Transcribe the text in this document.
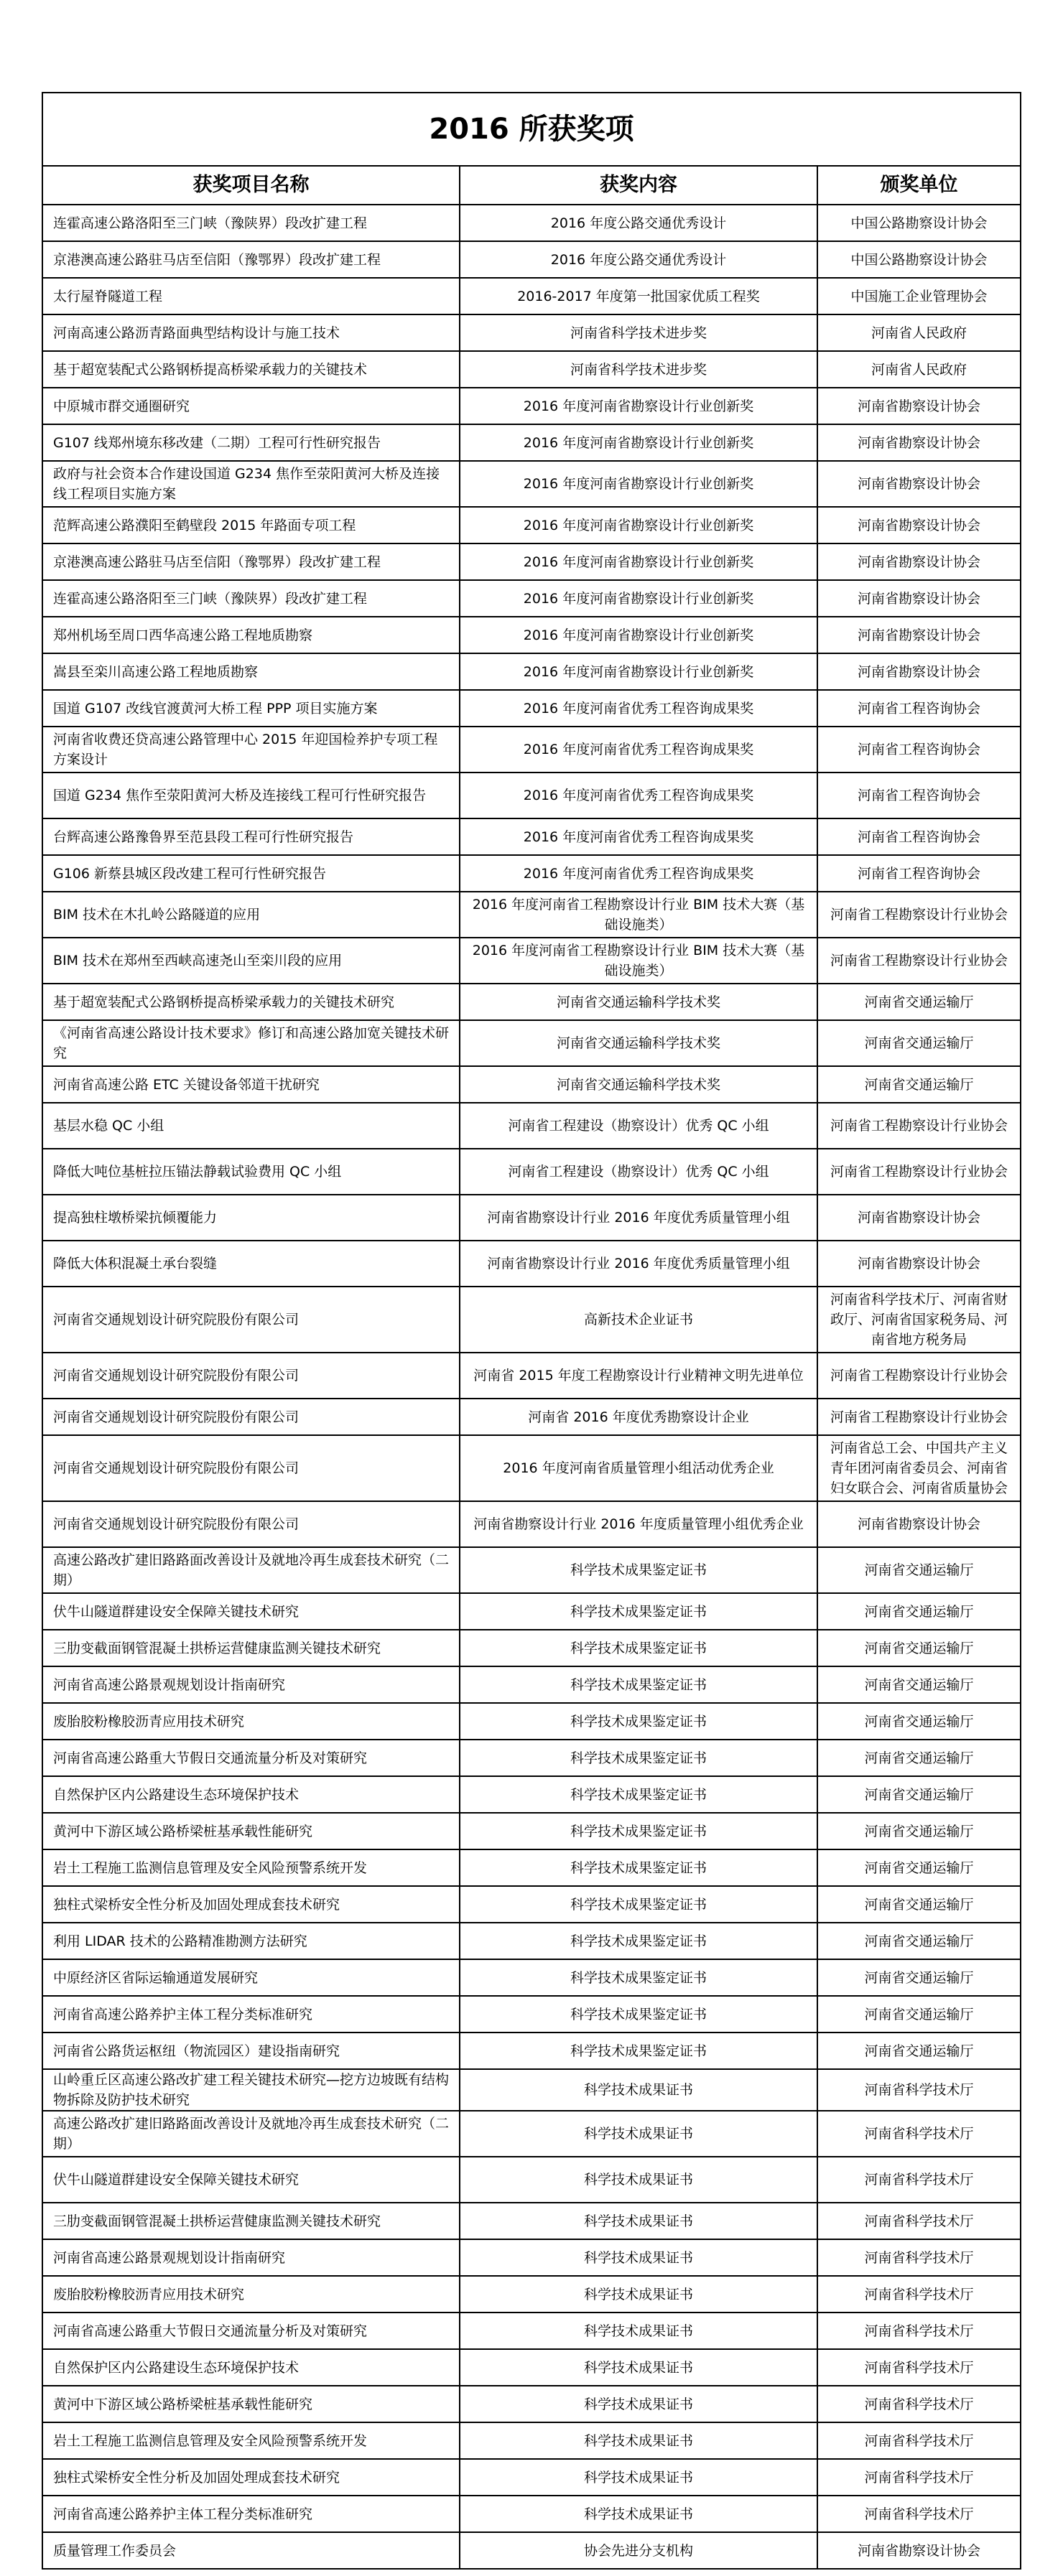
2016 所获奖项		
获奖项目名称	获奖内容	颁奖单位
连霍高速公路洛阳至三门峡（豫陕界）段改扩建工程	2016 年度公路交通优秀设计	中国公路勘察设计协会
京港澳高速公路驻马店至信阳（豫鄂界）段改扩建工程	2016 年度公路交通优秀设计	中国公路勘察设计协会
太行屋脊隧道工程	2016-2017 年度第一批国家优质工程奖	中国施工企业管理协会
河南高速公路沥青路面典型结构设计与施工技术	河南省科学技术进步奖	河南省人民政府
基于超宽装配式公路钢桥提高桥梁承载力的关键技术	河南省科学技术进步奖	河南省人民政府
中原城市群交通圈研究	2016 年度河南省勘察设计行业创新奖	河南省勘察设计协会
G107 线郑州境东移改建（二期）工程可行性研究报告	2016 年度河南省勘察设计行业创新奖	河南省勘察设计协会
政府与社会资本合作建设国道 G234 焦作至荥阳黄河大桥及连接线工程项目实施方案	2016 年度河南省勘察设计行业创新奖	河南省勘察设计协会
范辉高速公路濮阳至鹤壁段 2015 年路面专项工程	2016 年度河南省勘察设计行业创新奖	河南省勘察设计协会
京港澳高速公路驻马店至信阳（豫鄂界）段改扩建工程	2016 年度河南省勘察设计行业创新奖	河南省勘察设计协会
连霍高速公路洛阳至三门峡（豫陕界）段改扩建工程	2016 年度河南省勘察设计行业创新奖	河南省勘察设计协会
郑州机场至周口西华高速公路工程地质勘察	2016 年度河南省勘察设计行业创新奖	河南省勘察设计协会
嵩县至栾川高速公路工程地质勘察	2016 年度河南省勘察设计行业创新奖	河南省勘察设计协会
国道 G107 改线官渡黄河大桥工程 PPP 项目实施方案	2016 年度河南省优秀工程咨询成果奖	河南省工程咨询协会
河南省收费还贷高速公路管理中心 2015 年迎国检养护专项工程方案设计	2016 年度河南省优秀工程咨询成果奖	河南省工程咨询协会
国道 G234 焦作至荥阳黄河大桥及连接线工程可行性研究报告	2016 年度河南省优秀工程咨询成果奖	河南省工程咨询协会
台辉高速公路豫鲁界至范县段工程可行性研究报告	2016 年度河南省优秀工程咨询成果奖	河南省工程咨询协会
G106 新蔡县城区段改建工程可行性研究报告	2016 年度河南省优秀工程咨询成果奖	河南省工程咨询协会
BIM 技术在木扎岭公路隧道的应用	2016 年度河南省工程勘察设计行业 BIM 技术大赛（基础设施类）	河南省工程勘察设计行业协会
BIM 技术在郑州至西峡高速尧山至栾川段的应用	2016 年度河南省工程勘察设计行业 BIM 技术大赛（基础设施类）	河南省工程勘察设计行业协会
基于超宽装配式公路钢桥提高桥梁承载力的关键技术研究	河南省交通运输科学技术奖	河南省交通运输厅
《河南省高速公路设计技术要求》修订和高速公路加宽关键技术研究	河南省交通运输科学技术奖	河南省交通运输厅
河南省高速公路 ETC 关键设备邻道干扰研究	河南省交通运输科学技术奖	河南省交通运输厅
基层水稳 QC 小组	河南省工程建设（勘察设计）优秀 QC 小组	河南省工程勘察设计行业协会
降低大吨位基桩拉压锚法静载试验费用 QC 小组	河南省工程建设（勘察设计）优秀 QC 小组	河南省工程勘察设计行业协会
提高独柱墩桥梁抗倾覆能力	河南省勘察设计行业 2016 年度优秀质量管理小组	河南省勘察设计协会
降低大体积混凝土承台裂缝	河南省勘察设计行业 2016 年度优秀质量管理小组	河南省勘察设计协会
河南省交通规划设计研究院股份有限公司	高新技术企业证书	河南省科学技术厅、河南省财政厅、河南省国家税务局、河南省地方税务局
河南省交通规划设计研究院股份有限公司	河南省 2015 年度工程勘察设计行业精神文明先进单位	河南省工程勘察设计行业协会
河南省交通规划设计研究院股份有限公司	河南省 2016 年度优秀勘察设计企业	河南省工程勘察设计行业协会
河南省交通规划设计研究院股份有限公司	2016 年度河南省质量管理小组活动优秀企业	河南省总工会、中国共产主义青年团河南省委员会、河南省妇女联合会、河南省质量协会
河南省交通规划设计研究院股份有限公司	河南省勘察设计行业 2016 年度质量管理小组优秀企业	河南省勘察设计协会
高速公路改扩建旧路路面改善设计及就地冷再生成套技术研究（二期）	科学技术成果鉴定证书	河南省交通运输厅
伏牛山隧道群建设安全保障关键技术研究	科学技术成果鉴定证书	河南省交通运输厅
三肋变截面钢管混凝土拱桥运营健康监测关键技术研究	科学技术成果鉴定证书	河南省交通运输厅
河南省高速公路景观规划设计指南研究	科学技术成果鉴定证书	河南省交通运输厅
废胎胶粉橡胶沥青应用技术研究	科学技术成果鉴定证书	河南省交通运输厅
河南省高速公路重大节假日交通流量分析及对策研究	科学技术成果鉴定证书	河南省交通运输厅
自然保护区内公路建设生态环境保护技术	科学技术成果鉴定证书	河南省交通运输厅
黄河中下游区域公路桥梁桩基承载性能研究	科学技术成果鉴定证书	河南省交通运输厅
岩土工程施工监测信息管理及安全风险预警系统开发	科学技术成果鉴定证书	河南省交通运输厅
独柱式梁桥安全性分析及加固处理成套技术研究	科学技术成果鉴定证书	河南省交通运输厅
利用 LIDAR 技术的公路精准勘测方法研究	科学技术成果鉴定证书	河南省交通运输厅
中原经济区省际运输通道发展研究	科学技术成果鉴定证书	河南省交通运输厅
河南省高速公路养护主体工程分类标准研究	科学技术成果鉴定证书	河南省交通运输厅
河南省公路货运枢纽（物流园区）建设指南研究	科学技术成果鉴定证书	河南省交通运输厅
山岭重丘区高速公路改扩建工程关键技术研究—挖方边坡既有结构物拆除及防护技术研究	科学技术成果证书	河南省科学技术厅
高速公路改扩建旧路路面改善设计及就地冷再生成套技术研究（二期）	科学技术成果证书	河南省科学技术厅
伏牛山隧道群建设安全保障关键技术研究	科学技术成果证书	河南省科学技术厅
三肋变截面钢管混凝土拱桥运营健康监测关键技术研究	科学技术成果证书	河南省科学技术厅
河南省高速公路景观规划设计指南研究	科学技术成果证书	河南省科学技术厅
废胎胶粉橡胶沥青应用技术研究	科学技术成果证书	河南省科学技术厅
河南省高速公路重大节假日交通流量分析及对策研究	科学技术成果证书	河南省科学技术厅
自然保护区内公路建设生态环境保护技术	科学技术成果证书	河南省科学技术厅
黄河中下游区域公路桥梁桩基承载性能研究	科学技术成果证书	河南省科学技术厅
岩土工程施工监测信息管理及安全风险预警系统开发	科学技术成果证书	河南省科学技术厅
独柱式梁桥安全性分析及加固处理成套技术研究	科学技术成果证书	河南省科学技术厅
河南省高速公路养护主体工程分类标准研究	科学技术成果证书	河南省科学技术厅
质量管理工作委员会	协会先进分支机构	河南省勘察设计协会
